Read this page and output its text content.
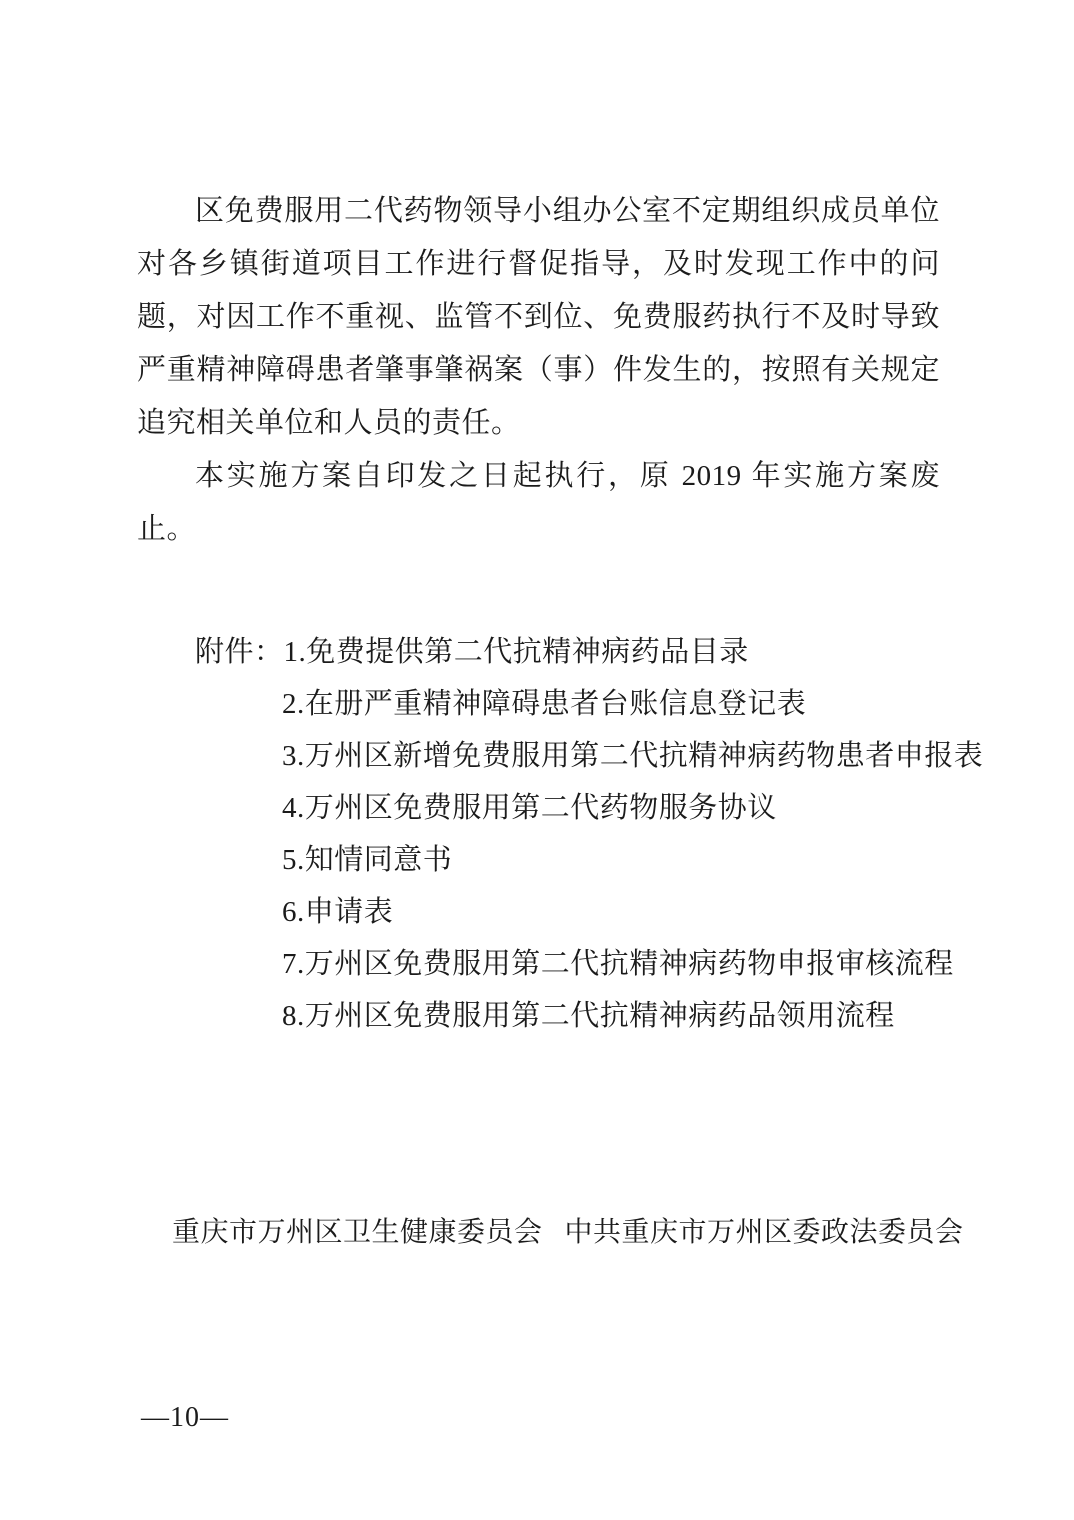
区免费服用二代药物领导小组办公室不定期组织成员单位对各乡镇街道项目工作进行督促指导，及时发现工作中的问题，对因工作不重视、监管不到位、免费服药执行不及时导致严重精神障碍患者肇事肇祸案（事）件发生的，按照有关规定追究相关单位和人员的责任。

本实施方案自印发之日起执行，原 2019 年实施方案废止。

附件：1.免费提供第二代抗精神病药品目录
2.在册严重精神障碍患者台账信息登记表
3.万州区新增免费服用第二代抗精神病药物患者申报表
4.万州区免费服用第二代药物服务协议
5.知情同意书
6.申请表
7.万州区免费服用第二代抗精神病药物申报审核流程
8.万州区免费服用第二代抗精神病药品领用流程
重庆市万州区卫生健康委员会 中共重庆市万州区委政法委员会
—10—
